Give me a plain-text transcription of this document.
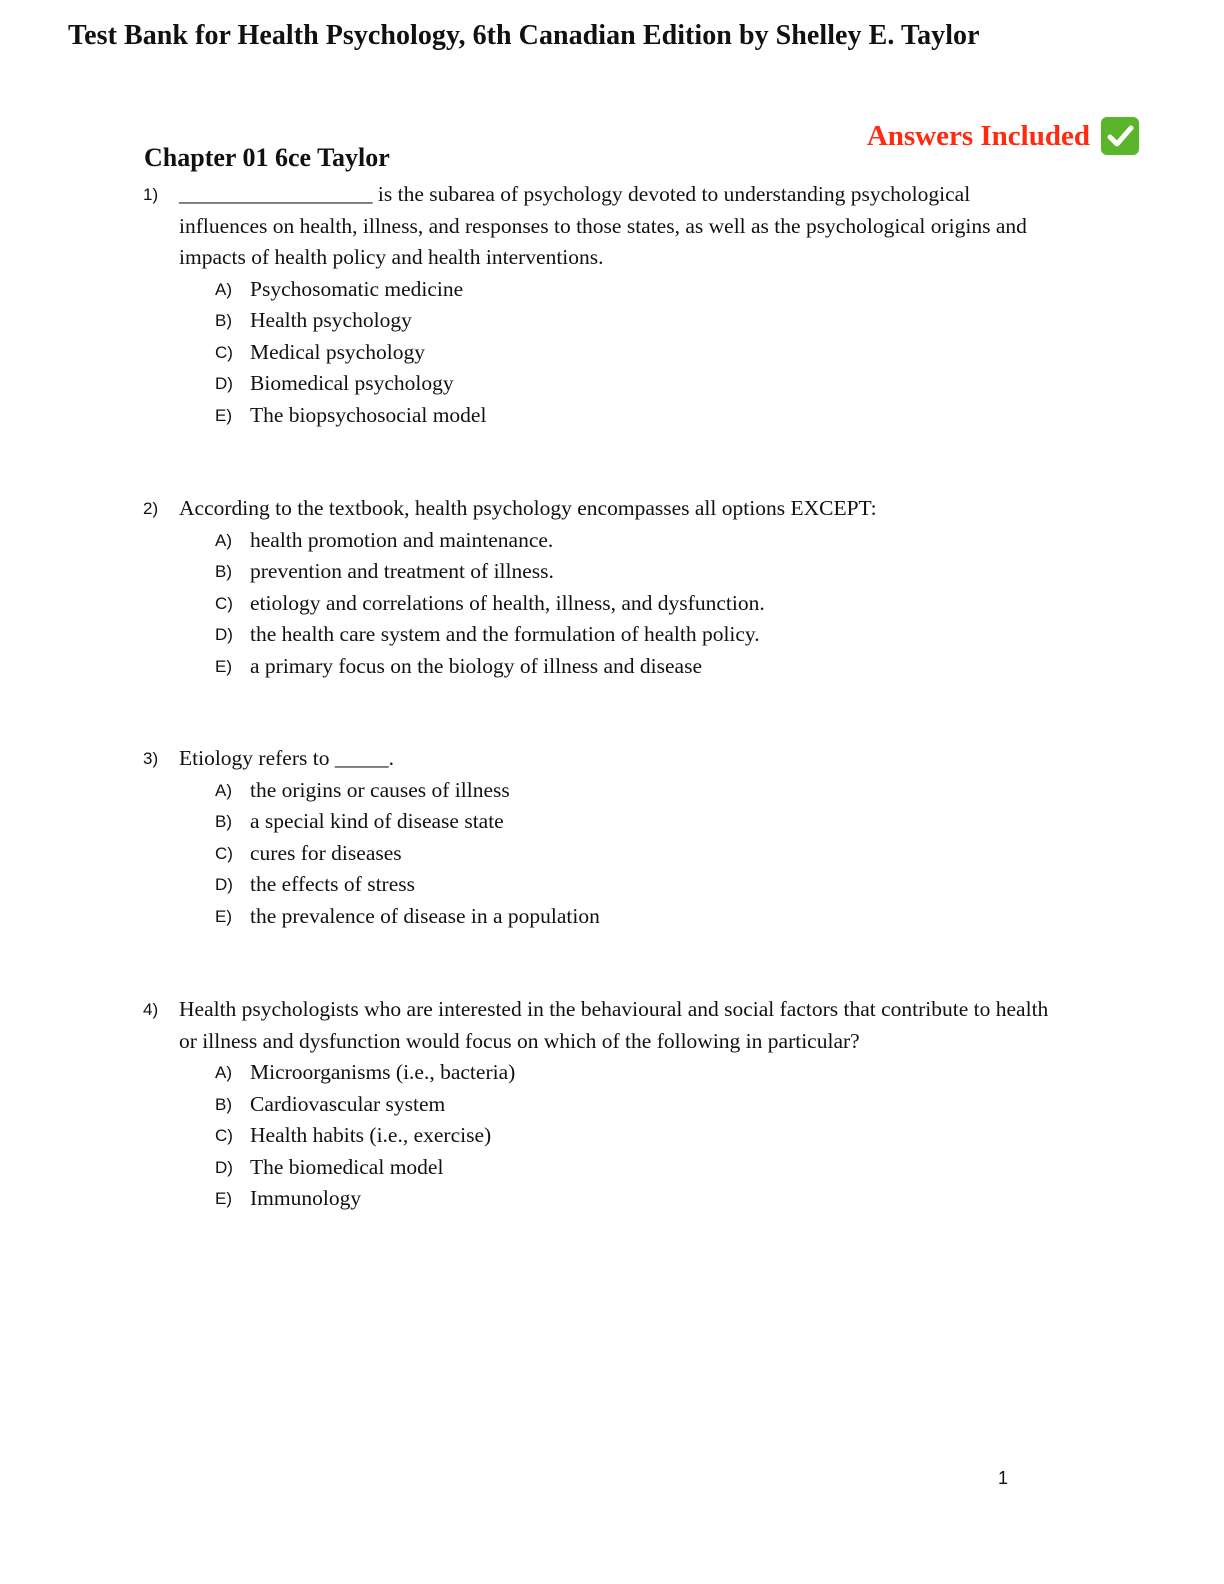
Test Bank for Health Psychology, 6th Canadian Edition by Shelley E. Taylor
Answers Included
Chapter 01 6ce Taylor
1) __________________ is the subarea of psychology devoted to understanding psychological influences on health, illness, and responses to those states, as well as the psychological origins and impacts of health policy and health interventions.
A) Psychosomatic medicine
B) Health psychology
C) Medical psychology
D) Biomedical psychology
E) The biopsychosocial model
2) According to the textbook, health psychology encompasses all options EXCEPT:
A) health promotion and maintenance.
B) prevention and treatment of illness.
C) etiology and correlations of health, illness, and dysfunction.
D) the health care system and the formulation of health policy.
E) a primary focus on the biology of illness and disease
3) Etiology refers to _____.
A) the origins or causes of illness
B) a special kind of disease state
C) cures for diseases
D) the effects of stress
E) the prevalence of disease in a population
4) Health psychologists who are interested in the behavioural and social factors that contribute to health or illness and dysfunction would focus on which of the following in particular?
A) Microorganisms (i.e., bacteria)
B) Cardiovascular system
C) Health habits (i.e., exercise)
D) The biomedical model
E) Immunology
1
